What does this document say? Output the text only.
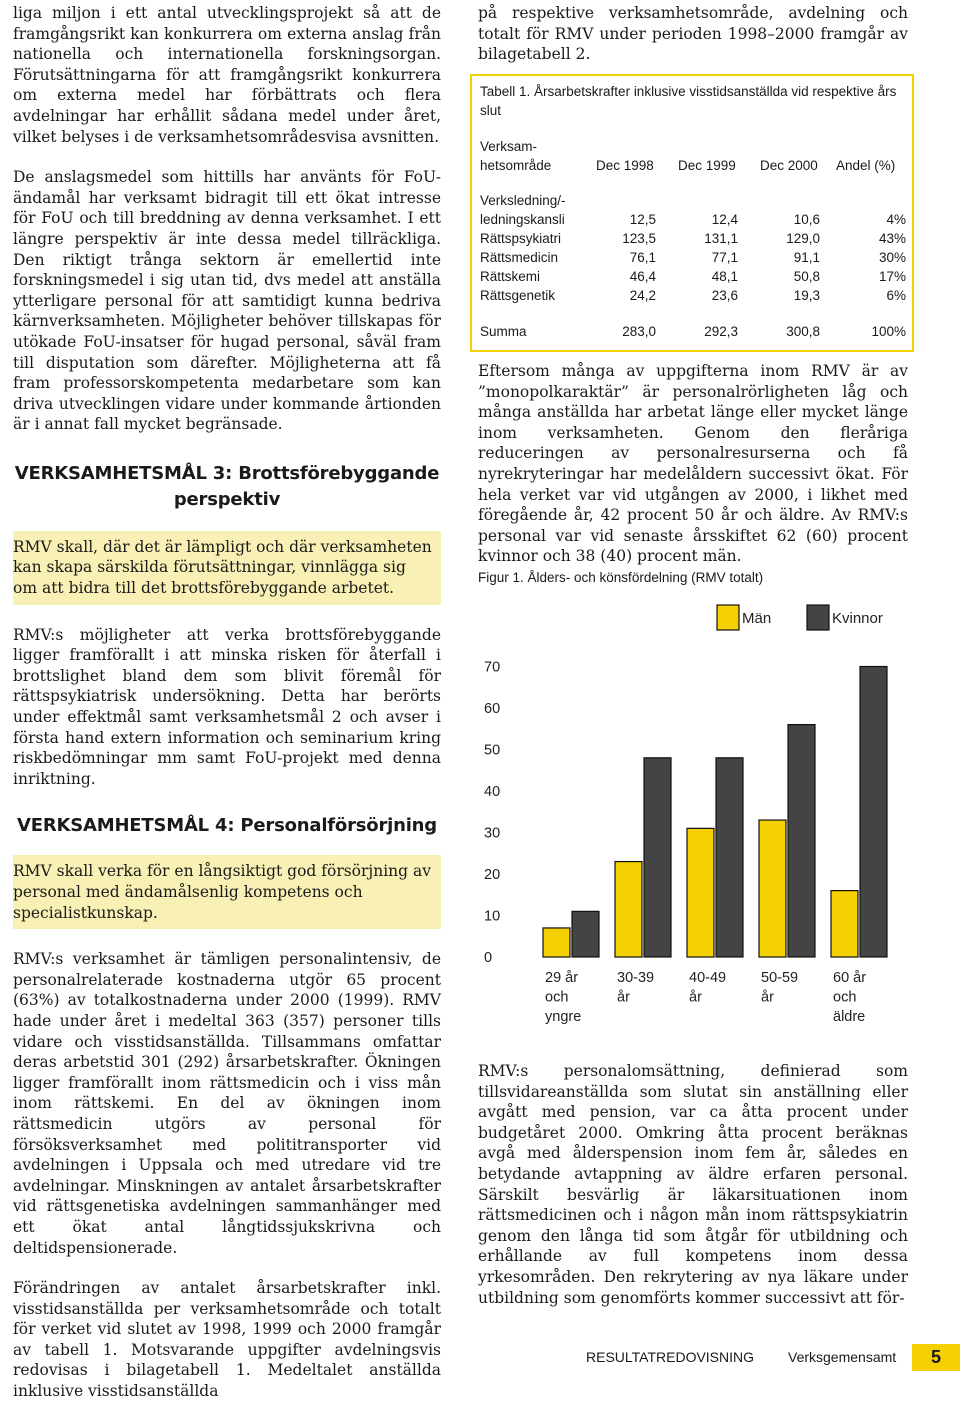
liga miljon i ett antal utvecklingsprojekt så att de framgångsrikt kan konkurrera om externa anslag från nationella och internationella forskningsorgan. Förutsättningarna för att framgångsrikt konkurrera om externa medel har förbättrats och flera avdelningar har erhållit sådana medel under året, vilket belyses i de verksamhetsområdesvisa avsnitten.

De anslagsmedel som hittills har använts för FoU-ändamål har verksamt bidragit till ett ökat intresse för FoU och till breddning av denna verksamhet. I ett längre perspektiv är inte dessa medel tillräckliga. Den riktigt trånga sektorn är emellertid inte forskningsmedel i sig utan tid, dvs medel att anställa ytterligare personal för att samtidigt kunna bedriva kärnverksamheten. Möjligheter behöver tillskapas för utökade FoU-insatser för hugad personal, såväl fram till disputation som därefter. Möjligheterna att få fram professorskompetenta medarbetare som kan driva utvecklingen vidare under kommande årtionden är i annat fall mycket begränsade.

VERKSAMHETSMÅL 3: Brottsförebyggande

perspektiv

RMV skall, där det är lämpligt och där verksamheten kan skapa särskilda förutsättningar, vinnlägga sig om att bidra till det brottsförebyggande arbetet.

RMV:s möjligheter att verka brottsförebyggande ligger framförallt i att minska risken för återfall i brottslighet bland dem som blivit föremål för rättspsykiatrisk undersökning. Detta har berörts under effektmål samt verksamhetsmål 2 och avser i första hand extern information och seminarium kring riskbedömningar mm samt FoU-projekt med denna inriktning.

VERKSAMHETSMÅL 4: Personalförsörjning

RMV skall verka för en långsiktigt god försörjning av personal med ändamålsenlig kompetens och specialistkunskap.

RMV:s verksamhet är tämligen personalintensiv, de personalrelaterade kostnaderna utgör 65 procent (63%) av totalkostnaderna under 2000 (1999). RMV hade under året i medeltal 363 (357) personer tills vidare och visstidsanställda. Tillsammans omfattar deras arbetstid 301 (292) årsarbetskrafter. Ökningen ligger framförallt inom rättsmedicin och i viss mån inom rättskemi. En del av ökningen inom rättsmedicin utgörs av personal för försöksverksamhet med polititransporter vid avdelningen i Uppsala och med utredare vid tre avdelningar. Minskningen av antalet årsarbetskrafter vid rättsgenetiska avdelningen sammanhänger med ett ökat antal långtidssjukskrivna och deltidspensionerade.

Förändringen av antalet årsarbetskrafter inkl. visstidsanställda per verksamhetsområde och totalt för verket vid slutet av 1998, 1999 och 2000 framgår av tabell 1. Motsvarande uppgifter avdelningsvis redovisas i bilagetabell 1. Medeltalet anställda inklusive visstidsanställda

på respektive verksamhetsområde, avdelning och totalt för RMV under perioden 1998–2000 framgår av bilagetabell 2.

Tabell 1. Årsarbetskrafter inklusive visstidsanställda vid respektive års slut
Verksam-
hetsområde	Dec 1998 Dec 1999 Dec 2000 Andel (%)
Verksledning/-
ledningskansli	12,5	12,4	10,6	4%
Rättspsykiatri	123,5	131,1	129,0	43%
Rättsmedicin	76,1	77,1	91,1	30%
Rättskemi	46,4	48,1	50,8	17%
Rättsgenetik	24,2	23,6	19,3	6%
Summa	283,0	292,3	300,8	100%

Eftersom många av uppgifterna inom RMV är av ”monopolkaraktär” är personalrörligheten låg och många anställda har arbetat länge eller mycket länge inom verksamheten. Genom den fleråriga reduceringen av personalresurserna och få nyrekryteringar har medelåldern successivt ökat. För hela verket var vid utgången av 2000, i likhet med föregående år, 42 procent 50 år och äldre. Av RMV:s personal var vid senaste årsskiftet 62 (60) procent kvinnor och 38 (40) procent män.

Figur 1. Ålders- och könsfördelning (RMV totalt)
0
10
20
30
40
50
60
70
29 år
och
yngre
30-39
år
40-49
år
50-59
år
60 år
och
äldre
Män	Kvinnor

RMV:s personalomsättning, definierad som tillsvidareanställda som slutat sin anställning eller avgått med pension, var ca åtta procent under budgetåret 2000. Omkring åtta procent beräknas avgå med ålderspension inom fem år, således en betydande avtappning av äldre erfaren personal. Särskilt besvärlig är läkarsituationen inom rättsmedicinen och i någon mån inom rättspsykiatrin genom den långa tid som åtgår för utbildning och erhållande av full kompetens inom dessa yrkesområden. Den rekrytering av nya läkare under utbildning som genomförts kommer successivt att för-

RESULTATREDOVISNING Verksgemensamt	5
